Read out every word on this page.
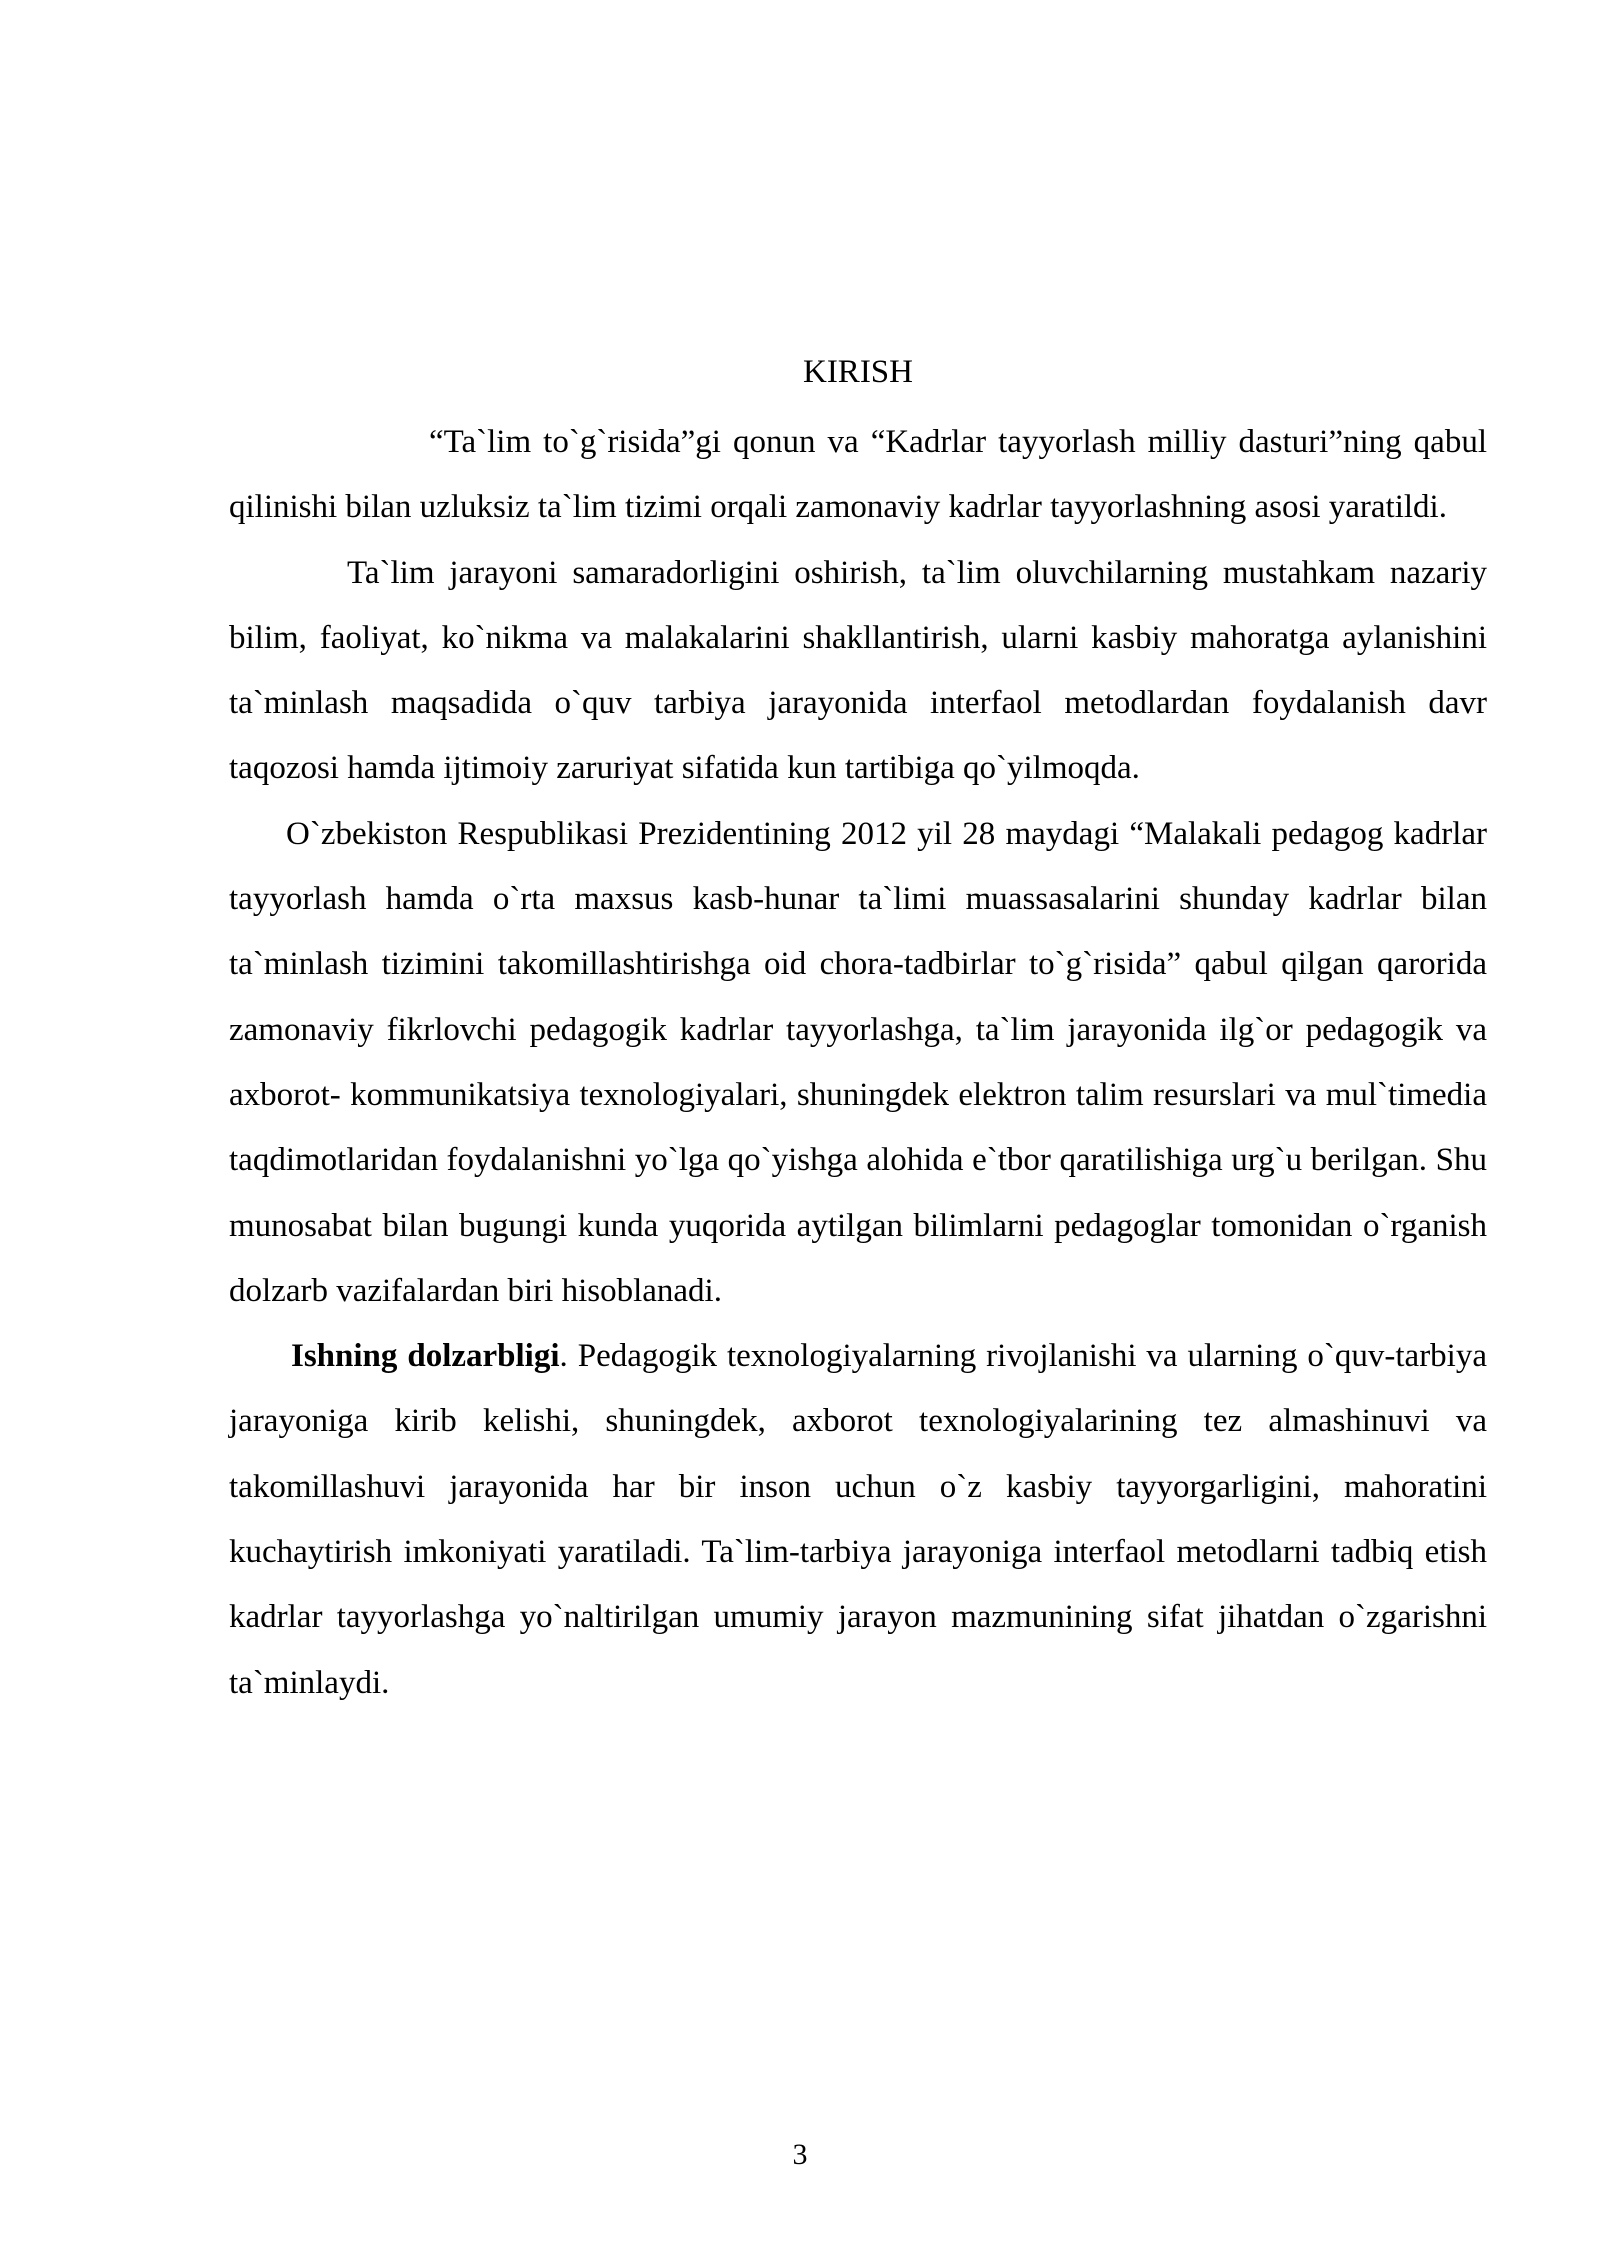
KIRISH

“Ta`lim to`g`risida”gi qonun va “Kadrlar tayyorlash milliy dasturi”ning qabul qilinishi bilan uzluksiz ta`lim tizimi orqali zamonaviy kadrlar tayyorlashning asosi yaratildi.

Ta`lim jarayoni samaradorligini oshirish, ta`lim oluvchilarning mustahkam nazariy bilim, faoliyat, ko`nikma va malakalarini shakllantirish, ularni kasbiy mahoratga aylanishini ta`minlash maqsadida o`quv tarbiya jarayonida interfaol metodlardan foydalanish davr taqozosi hamda ijtimoiy zaruriyat sifatida kun tartibiga qo`yilmoqda.

O`zbekiston Respublikasi Prezidentining 2012 yil 28 maydagi “Malakali pedagog kadrlar tayyorlash hamda o`rta maxsus kasb-hunar ta`limi muassasalarini shunday kadrlar bilan ta`minlash tizimini takomillashtirishga oid chora-tadbirlar to`g`risida” qabul qilgan qarorida zamonaviy fikrlovchi pedagogik kadrlar tayyorlashga, ta`lim jarayonida ilg`or pedagogik va axborot- kommunikatsiya texnologiyalari, shuningdek elektron talim resurslari va mul`timedia taqdimotlaridan foydalanishni yo`lga qo`yishga alohida e`tbor qaratilishiga urg`u berilgan. Shu munosabat bilan bugungi kunda yuqorida aytilgan bilimlarni pedagoglar tomonidan o`rganish dolzarb vazifalardan biri hisoblanadi.

Ishning dolzarbligi. Pedagogik texnologiyalarning rivojlanishi va ularning o`quv-tarbiya jarayoniga kirib kelishi, shuningdek, axborot texnologiyalarining tez almashinuvi va takomillashuvi jarayonida har bir inson uchun o`z kasbiy tayyorgarligini, mahoratini kuchaytirish imkoniyati yaratiladi. Ta`lim-tarbiya jarayoniga interfaol metodlarni tadbiq etish kadrlar tayyorlashga yo`naltirilgan umumiy jarayon mazmunining sifat jihatdan o`zgarishni ta`minlaydi.

3
